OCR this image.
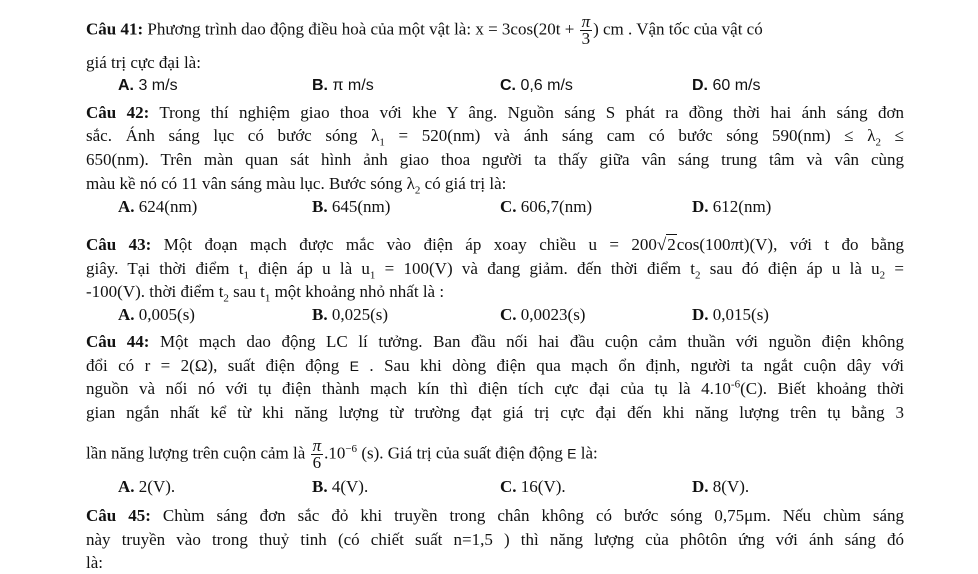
Câu 41: Phương trình dao động điều hoà của một vật là: $x = 3\cos(20t + \frac{\pi}{3}$ ) cm . Vận tốc của vật có
giá trị cực đại là:
A. 3 m/s	B. π m/s	C. 0,6 m/s	D. 60 m/s
Câu 42: Trong thí nghiệm giao thoa với khe Y âng. Nguồn sáng S phát ra đồng thời hai ánh sáng đơn
sắc. Ánh sáng lục có bước sóng $\lambda_1 = 520(nm)$ và ánh sáng cam có bước sóng $590(nm) \le \lambda_2$ ≤
650(nm). Trên màn quan sát hình ảnh giao thoa người ta thấy giữa vân sáng trung tâm và vân cùng
màu kề nó có 11 vân sáng màu lục. Bước sóng $\lambda_2$ có giá trị là:
A. 624(nm)	B. 645(nm)	C. 606,7(nm)	D. 612(nm)
Câu 43: Một đoạn mạch được mắc vào điện áp xoay chiều u = 200√2cos(100πt)(V), với t đo bằng
giây. Tại thời điểm $t_1$ điện áp u là $u_1 = 100(V)$ và đang giảm. đến thời điểm $t_2$ sau đó điện áp u là $u_2$ =
-100(V). thời điểm $t_2$ sau $t_1$ một khoảng nhỏ nhất là :
A. 0,005(s)	B. 0,025(s)	C. 0,0023(s)	D. 0,015(s)
Câu 44: Một mạch dao động LC lí tưởng. Ban đầu nối hai đầu cuộn cảm thuần với nguồn điện không
đổi có r = 2(Ω), suất điện động E . Sau khi dòng điện qua mạch ổn định, người ta ngắt cuộn dây với
nguồn và nối nó với tụ điện thành mạch kín thì điện tích cực đại của tụ là $4.10^{-6}(C)$. Biết khoảng thời
gian ngắn nhất kể từ khi năng lượng từ trường đạt giá trị cực đại đến khi năng lượng trên tụ bằng 3
lần năng lượng trên cuộn cảm là $\frac{\pi}{6} .10^{-6}$ (s). Giá trị của suất điện động E là:
A. 2(V).	B. 4(V).	C. 16(V).	D. 8(V).
Câu 45: Chùm sáng đơn sắc đỏ khi truyền trong chân không có bước sóng 0,75μm. Nếu chùm sáng
này truyền vào trong thuỷ tinh (có chiết suất n=1,5 ) thì năng lượng của phôtôn ứng với ánh sáng đó
là:
